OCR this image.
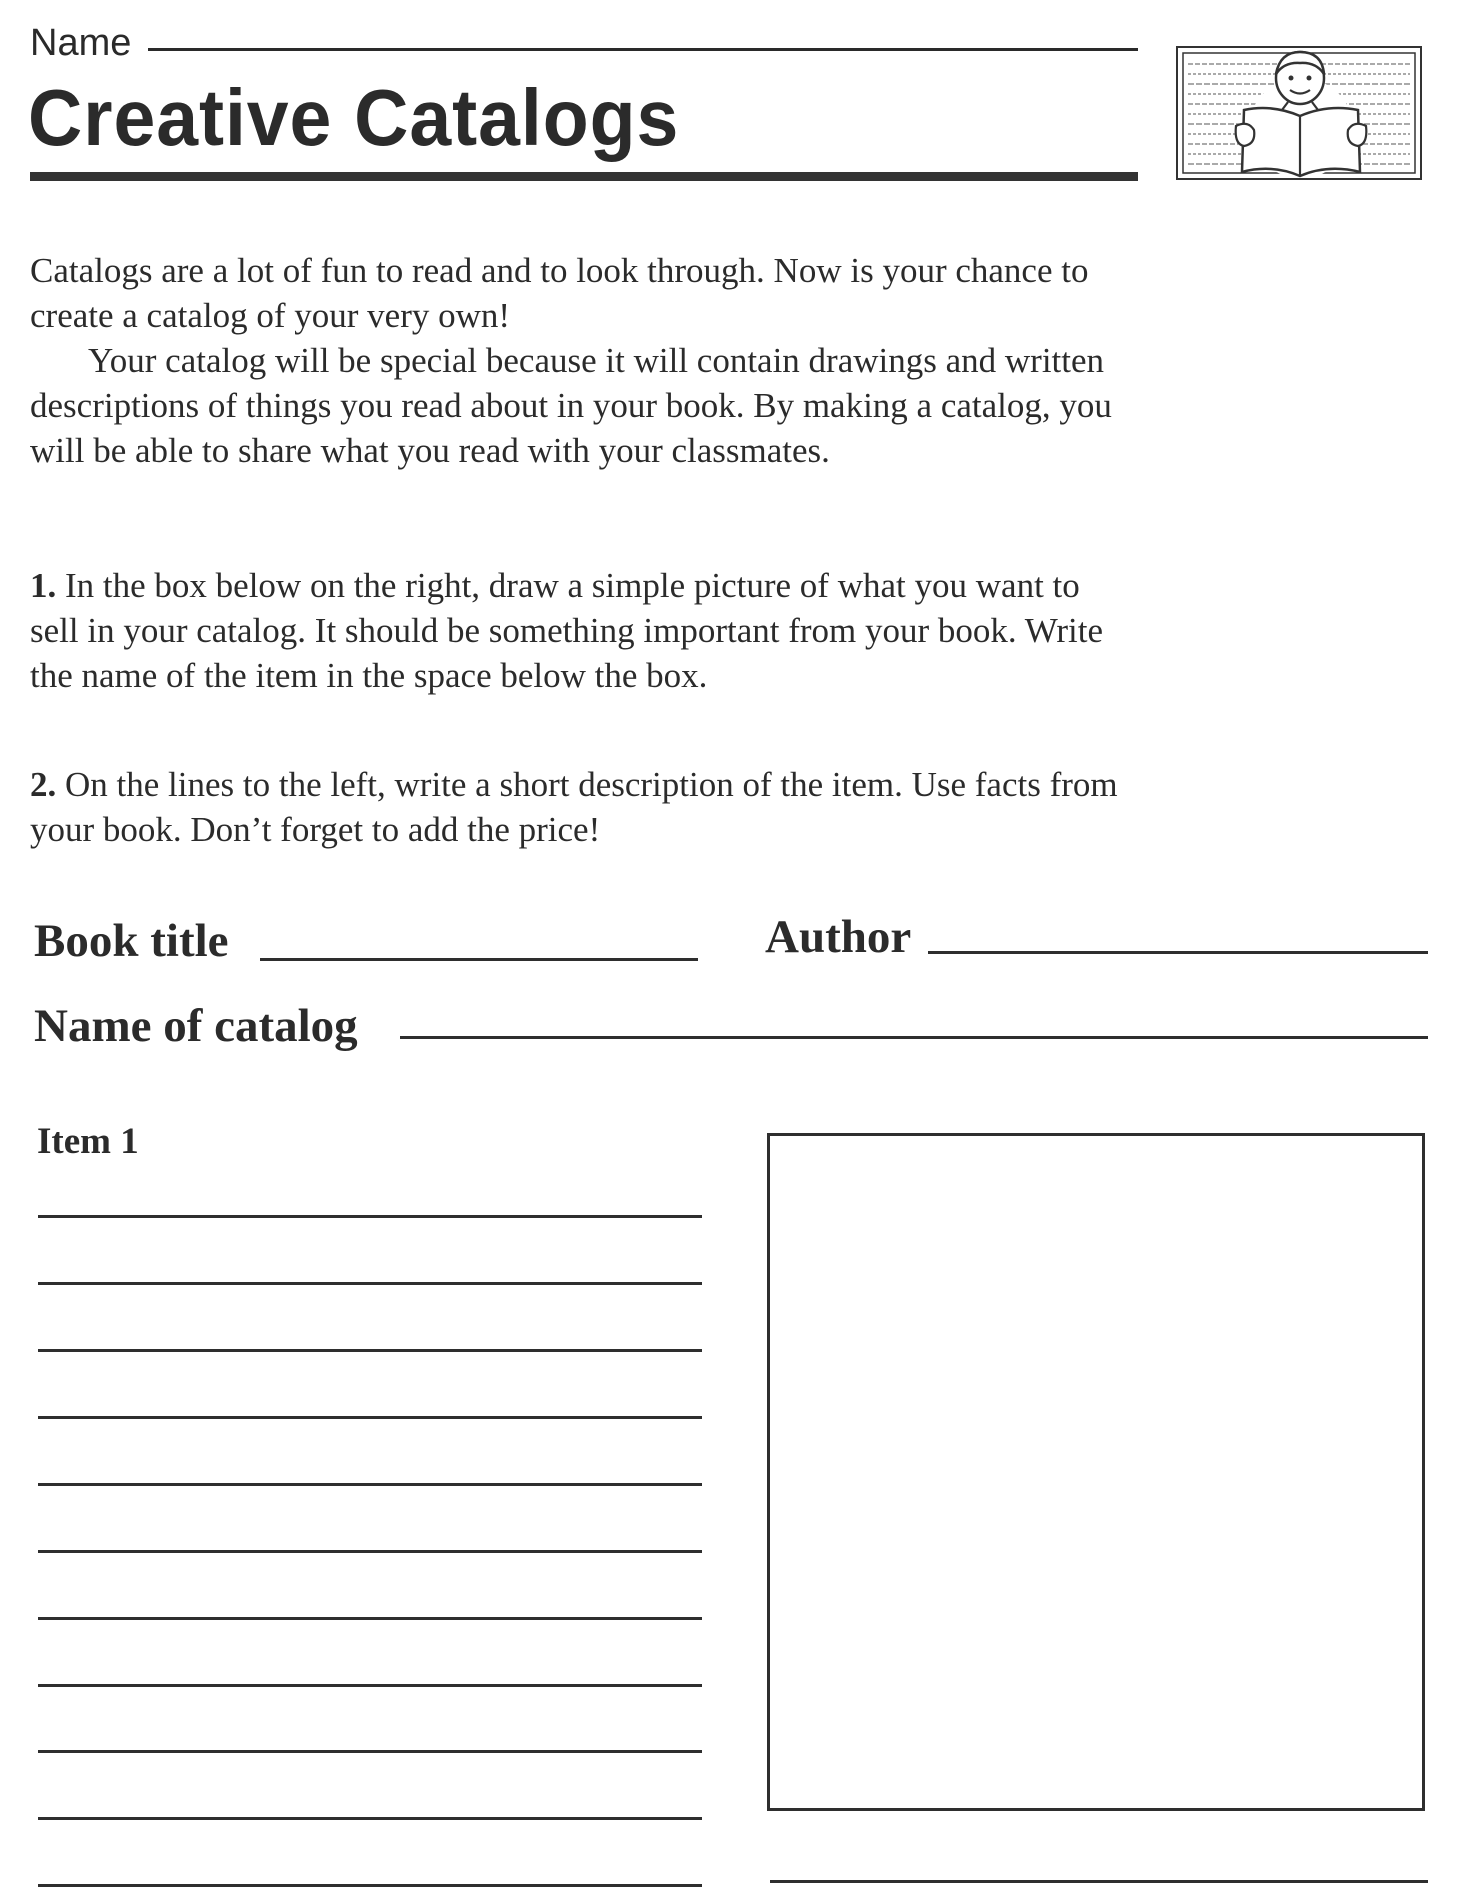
Name
Creative Catalogs

Catalogs are a lot of fun to read and to look through. Now is your chance to create a catalog of your very own!

Your catalog will be special because it will contain drawings and written descriptions of things you read about in your book. By making a catalog, you will be able to share what you read with your classmates.

1. In the box below on the right, draw a simple picture of what you want to sell in your catalog. It should be something important from your book. Write the name of the item in the space below the box.

2. On the lines to the left, write a short description of the item. Use facts from your book. Don’t forget to add the price!

Book title	Author
Name of catalog
Item 1
